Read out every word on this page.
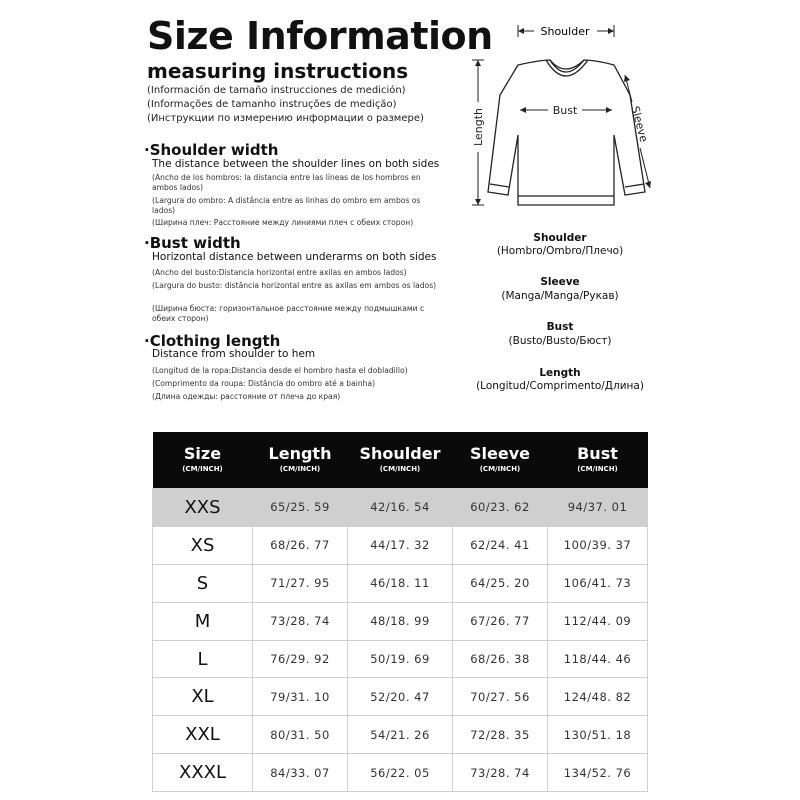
Size Information
measuring instructions
(Información de tamaño instrucciones de medición)
(Informações de tamanho instruções de medição)
(Инструкции по измерению информации о размере)
·Shoulder width
The distance between the shoulder lines on both sides
(Ancho de los hombros: la distancia entre las líneas de los hombros en ambos lados)
(Largura do ombro: A distância entre as linhas do ombro em ambos os lados)
(Ширина плеч: Расстояние между линиями плеч с обеих сторон)
·Bust width
Horizontal distance between underarms on both sides
(Ancho del busto:Distancia horizontal entre axilas en ambos lados)
(Largura do busto: distância horizontal entre as axilas em ambos os lados)
(Ширина бюста: горизонтальное расстояние между подмышками с обеих сторон)
·Clothing length
Distance from shoulder to hem
(Longitud de la ropa:Distancia desde el hombro hasta el dobladillo)
(Comprimento da roupa: Distância do ombro até a bainha)
(Длина одежды: расстояние от плеча до края)
Shoulder
Bust
Length	Sleeve
Shoulder
(Hombro/Ombro/Плечо)
Sleeve
(Manga/Manga/Рукав)
Bust
(Busto/Busto/Бюст)
Length
(Longitud/Comprimento/Длина)
Size
(CM/INCH)	Length
(CM/INCH)	Shoulder
(CM/INCH)	Sleeve
(CM/INCH)	Bust
(CM/INCH)

XXS	65/25. 59	42/16. 54	60/23. 62	94/37. 01
XS	68/26. 77	44/17. 32	62/24. 41	100/39. 37
S	71/27. 95	46/18. 11	64/25. 20	106/41. 73
M	73/28. 74	48/18. 99	67/26. 77	112/44. 09
L	76/29. 92	50/19. 69	68/26. 38	118/44. 46
XL	79/31. 10	52/20. 47	70/27. 56	124/48. 82
XXL	80/31. 50	54/21. 26	72/28. 35	130/51. 18
XXXL	84/33. 07	56/22. 05	73/28. 74	134/52. 76
